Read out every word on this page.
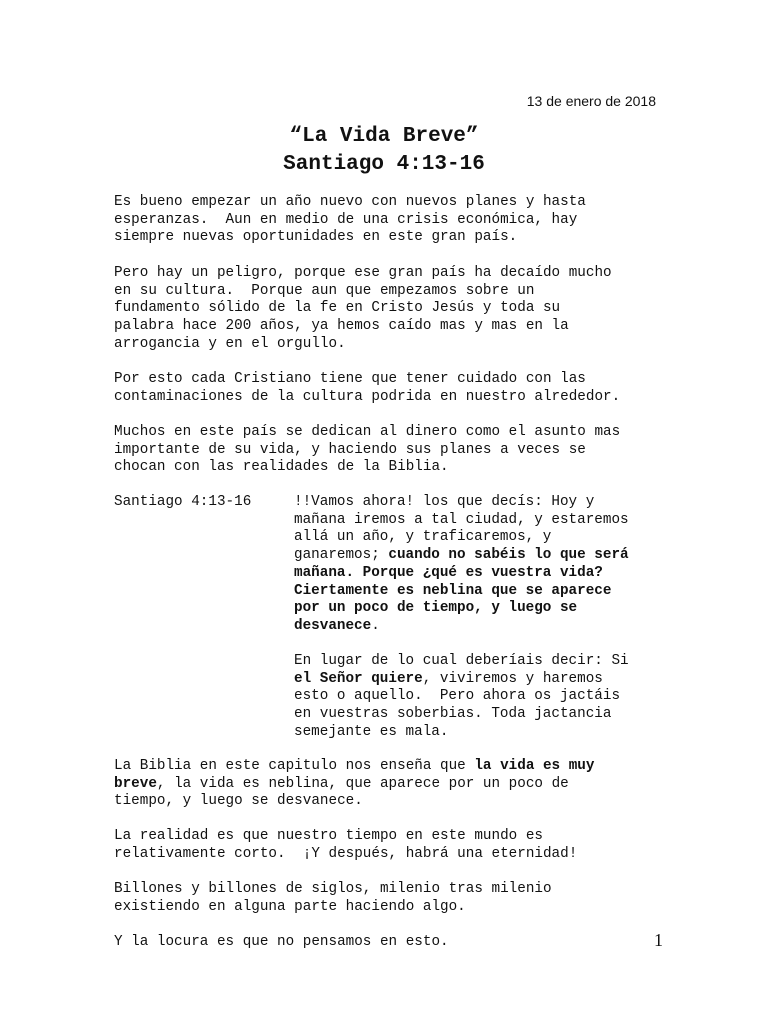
13 de enero de 2018
“La Vida Breve”
Santiago 4:13-16

Es bueno empezar un año nuevo con nuevos planes y hasta
esperanzas.  Aun en medio de una crisis económica, hay
siempre nuevas oportunidades en este gran país.

Pero hay un peligro, porque ese gran país ha decaído mucho
en su cultura.  Porque aun que empezamos sobre un
fundamento sólido de la fe en Cristo Jesús y toda su
palabra hace 200 años, ya hemos caído mas y mas en la
arrogancia y en el orgullo.

Por esto cada Cristiano tiene que tener cuidado con las
contaminaciones de la cultura podrida en nuestro alrededor.

Muchos en este país se dedican al dinero como el asunto mas
importante de su vida, y haciendo sus planes a veces se
chocan con las realidades de la Biblia.

Santiago 4:13-16	!!Vamos ahora! los que decís: Hoy y
mañana iremos a tal ciudad, y estaremos
allá un año, y traficaremos, y
ganaremos; cuando no sabéis lo que será
mañana. Porque ¿qué es vuestra vida?
Ciertamente es neblina que se aparece
por un poco de tiempo, y luego se
desvanece.
En lugar de lo cual deberíais decir: Si
el Señor quiere, viviremos y haremos
esto o aquello.  Pero ahora os jactáis
en vuestras soberbias. Toda jactancia
semejante es mala.

La Biblia en este capitulo nos enseña que la vida es muy
breve, la vida es neblina, que aparece por un poco de
tiempo, y luego se desvanece.

La realidad es que nuestro tiempo en este mundo es
relativamente corto.  ¡Y después, habrá una eternidad!

Billones y billones de siglos, milenio tras milenio
existiendo en alguna parte haciendo algo.

Y la locura es que no pensamos en esto.	1
